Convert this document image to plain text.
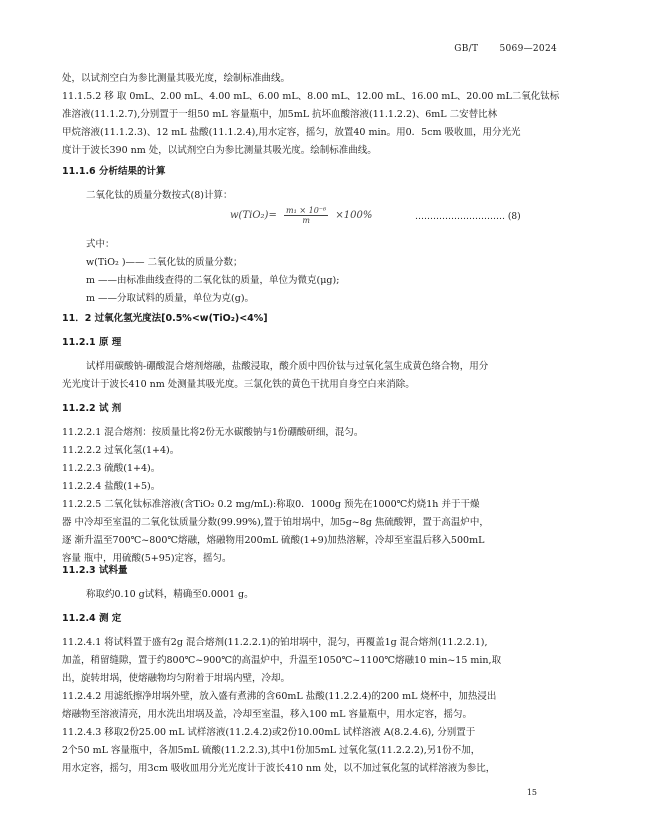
GB/T 5069—2024

处，以试剂空白为参比测量其吸光度，绘制标准曲线。

11.1.5.2 移 取 0mL、2.00 mL、4.00 mL、6.00 mL、8.00 mL、12.00 mL、16.00 mL、20.00 mL二氧化钛标

准溶液(11.1.2.7),分别置于一组50 mL 容量瓶中，加5mL 抗坏血酸溶液(11.1.2.2)、6mL 二安替比林

甲烷溶液(11.1.2.3)、12 mL 盐酸(11.1.2.4),用水定容，摇匀，放置40 min。用0．5cm 吸收皿，用分光光

度计于波长390 nm 处，以试剂空白为参比测量其吸光度。绘制标准曲线。

11.1.6 分析结果的计算

二氧化钛的质量分数按式(8)计算：

$w(TiO_2)= \frac{\text{m₁ × 10⁻⁶}}{m} \times 100\%$	………………………… (8)

式中：

w(TiO₂ )—— 二氧化钛的质量分数；

m ——由标准曲线查得的二氧化钛的质量，单位为微克(μg);

m ——分取试料的质量，单位为克(g)。

11．2 过氧化氢光度法[0.5%<w(TiO₂)<4%]

11.2.1 原 理

试样用碳酸钠-硼酸混合熔剂熔融，盐酸浸取，酸介质中四价钛与过氧化氢生成黄色络合物，用分

光光度计于波长410 nm 处测量其吸光度。三氯化铁的黄色干扰用自身空白来消除。

11.2.2 试 剂

11.2.2.1 混合熔剂：按质量比将2份无水碳酸钠与1份硼酸研细，混匀。

11.2.2.2 过氧化氢(1+4)。

11.2.2.3 硫酸(1+4)。

11.2.2.4 盐酸(1+5)。

11.2.2.5 二氧化钛标准溶液(含TiO₂ 0.2 mg/mL):称取0．1000g 预先在1000℃灼烧1h 并于干燥

器 中冷却至室温的二氧化钛质量分数(99.99%),置于铂坩埚中，加5g~8g 焦硫酸钾，置于高温炉中，

逐 渐升温至700℃~800℃熔融，熔融物用200mL 硫酸(1+9)加热溶解，冷却至室温后移入500mL

容量 瓶中，用硫酸(5+95)定容，摇匀。

11.2.3 试料量

称取约0.10 g试料，精确至0.0001 g。

11.2.4 测 定

11.2.4.1 将试料置于盛有2g 混合熔剂(11.2.2.1)的铂坩埚中，混匀，再覆盖1g 混合熔剂(11.2.2.1),

加盖，稍留缝隙，置于约800℃~900℃的高温炉中，升温至1050℃~1100℃熔融10 min~15 min,取

出，旋转坩埚，使熔融物均匀附着于坩埚内壁，冷却。

11.2.4.2 用滤纸擦净坩埚外壁，放入盛有煮沸的含60mL 盐酸(11.2.2.4)的200 mL 烧杯中，加热浸出

熔融物至溶液清亮，用水洗出坩埚及盖，冷却至室温，移入100 mL 容量瓶中，用水定容，摇匀。

11.2.4.3 移取2份25.00 mL 试样溶液(11.2.4.2)或2份10.00mL 试样溶液 A(8.2.4.6), 分别置于

2个50 mL 容量瓶中，各加5mL 硫酸(11.2.2.3),其中1份加5mL 过氧化氢(11.2.2.2),另1份不加，

用水定容，摇匀，用3cm 吸收皿用分光光度计于波长410 nm 处，以不加过氧化氢的试样溶液为参比，

15
